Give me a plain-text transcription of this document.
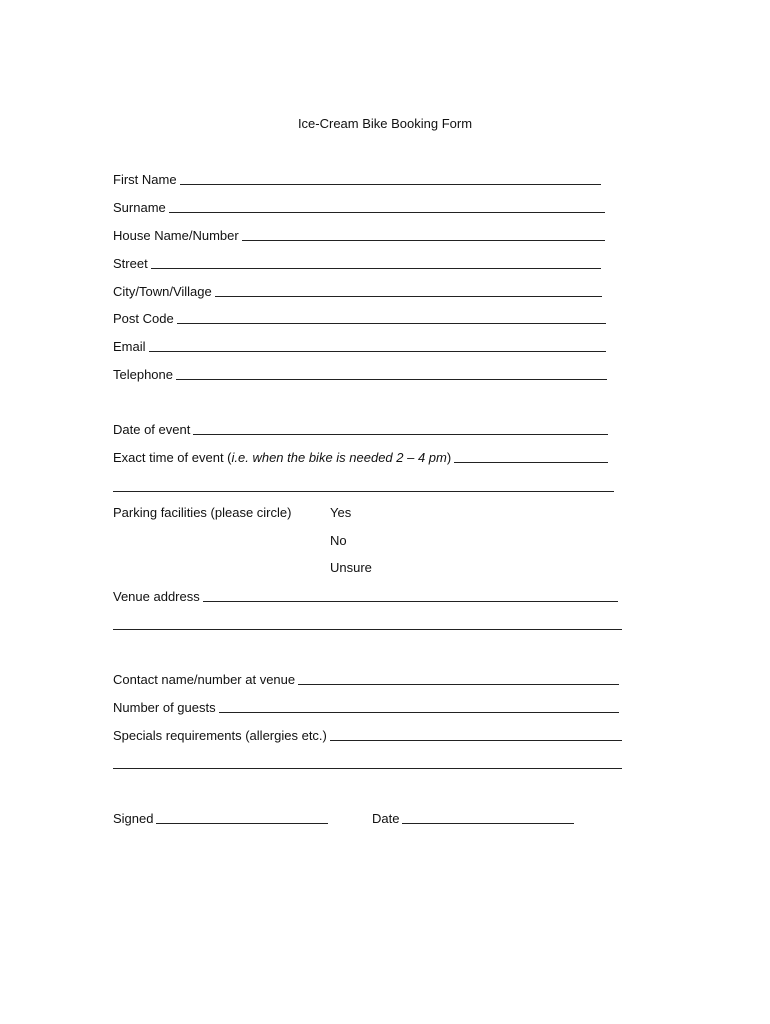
Ice-Cream Bike Booking Form
First Name
Surname
House Name/Number
Street
City/Town/Village
Post Code
Email
Telephone
Date of event
Exact time of event (i.e. when the bike is needed 2 – 4 pm)
Parking facilities (please circle)	Yes
No
Unsure
Venue address
Contact name/number at venue
Number of guests
Specials requirements (allergies etc.)
Signed	Date
